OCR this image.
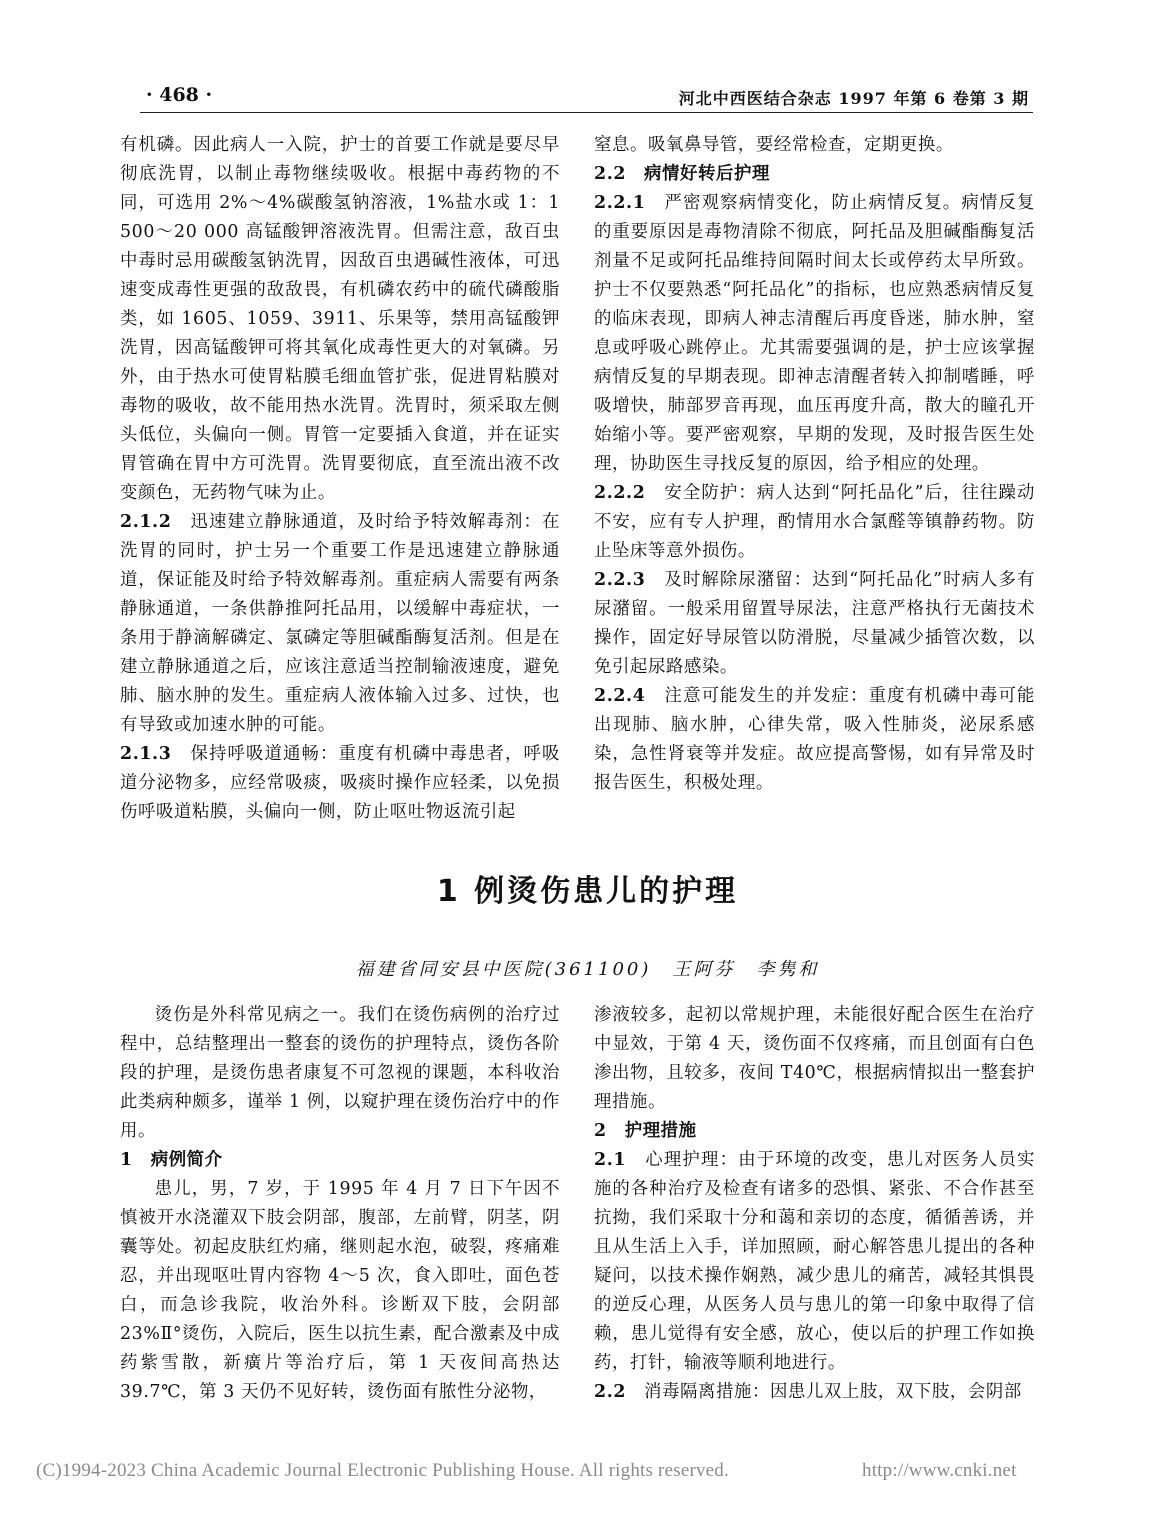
· 468 ·	河北中西医结合杂志 1997 年第 6 卷第 3 期

有机磷。因此病人一入院，护士的首要工作就是要尽早彻底洗胃，以制止毒物继续吸收。根据中毒药物的不同，可选用 2%～4%碳酸氢钠溶液，1%盐水或 1：1 500～20 000 高锰酸钾溶液洗胃。但需注意，敌百虫中毒时忌用碳酸氢钠洗胃，因敌百虫遇碱性液体，可迅速变成毒性更强的敌敌畏，有机磷农药中的硫代磷酸脂类，如 1605、1059、3911、乐果等，禁用高锰酸钾洗胃，因高锰酸钾可将其氧化成毒性更大的对氧磷。另外，由于热水可使胃粘膜毛细血管扩张，促进胃粘膜对毒物的吸收，故不能用热水洗胃。洗胃时，须采取左侧头低位，头偏向一侧。胃管一定要插入食道，并在证实胃管确在胃中方可洗胃。洗胃要彻底，直至流出液不改变颜色，无药物气味为止。

2.1.2　迅速建立静脉通道，及时给予特效解毒剂：在洗胃的同时，护士另一个重要工作是迅速建立静脉通道，保证能及时给予特效解毒剂。重症病人需要有两条静脉通道，一条供静推阿托品用，以缓解中毒症状，一条用于静滴解磷定、氯磷定等胆碱酯酶复活剂。但是在建立静脉通道之后，应该注意适当控制输液速度，避免肺、脑水肿的发生。重症病人液体输入过多、过快，也有导致或加速水肿的可能。

2.1.3　保持呼吸道通畅：重度有机磷中毒患者，呼吸道分泌物多，应经常吸痰，吸痰时操作应轻柔，以免损伤呼吸道粘膜，头偏向一侧，防止呕吐物返流引起

窒息。吸氧鼻导管，要经常检查，定期更换。

2.2　病情好转后护理

2.2.1　严密观察病情变化，防止病情反复。病情反复的重要原因是毒物清除不彻底，阿托品及胆碱酯酶复活剂量不足或阿托品维持间隔时间太长或停药太早所致。护士不仅要熟悉“阿托品化”的指标，也应熟悉病情反复的临床表现，即病人神志清醒后再度昏迷，肺水肿，窒息或呼吸心跳停止。尤其需要强调的是，护士应该掌握病情反复的早期表现。即神志清醒者转入抑制嗜睡，呼吸增快，肺部罗音再现，血压再度升高，散大的瞳孔开始缩小等。要严密观察，早期的发现，及时报告医生处理，协助医生寻找反复的原因，给予相应的处理。

2.2.2　安全防护：病人达到“阿托品化”后，往往躁动不安，应有专人护理，酌情用水合氯醛等镇静药物。防止坠床等意外损伤。

2.2.3　及时解除尿潴留：达到“阿托品化”时病人多有尿潴留。一般采用留置导尿法，注意严格执行无菌技术操作，固定好导尿管以防滑脱，尽量减少插管次数，以免引起尿路感染。

2.2.4　注意可能发生的并发症：重度有机磷中毒可能出现肺、脑水肿，心律失常，吸入性肺炎，泌尿系感染，急性肾衰等并发症。故应提高警惕，如有异常及时报告医生，积极处理。

1 例烫伤患儿的护理
福建省同安县中医院(361100)　王阿芬　李隽和

烫伤是外科常见病之一。我们在烫伤病例的治疗过程中，总结整理出一整套的烫伤的护理特点，烫伤各阶段的护理，是烫伤患者康复不可忽视的课题，本科收治此类病种颇多，谨举 1 例，以窥护理在烫伤治疗中的作用。

1　病例简介

患儿，男，7 岁，于 1995 年 4 月 7 日下午因不慎被开水浇灌双下肢会阴部，腹部，左前臂，阴茎，阴囊等处。初起皮肤红灼痛，继则起水泡，破裂，疼痛难忍，并出现呕吐胃内容物 4～5 次，食入即吐，面色苍白，而急诊我院，收治外科。诊断双下肢，会阴部 23%Ⅱ°烫伤，入院后，医生以抗生素，配合激素及中成药紫雪散，新癀片等治疗后，第 1 天夜间高热达 39.7℃，第 3 天仍不见好转，烫伤面有脓性分泌物，

渗液较多，起初以常规护理，未能很好配合医生在治疗中显效，于第 4 天，烫伤面不仅疼痛，而且创面有白色渗出物，且较多，夜间 T40℃，根据病情拟出一整套护理措施。

2　护理措施

2.1　心理护理：由于环境的改变，患儿对医务人员实施的各种治疗及检查有诸多的恐惧、紧张、不合作甚至抗拗，我们采取十分和蔼和亲切的态度，循循善诱，并且从生活上入手，详加照顾，耐心解答患儿提出的各种疑问，以技术操作娴熟，减少患儿的痛苦，减轻其惧畏的逆反心理，从医务人员与患儿的第一印象中取得了信赖，患儿觉得有安全感，放心，使以后的护理工作如换药，打针，输液等顺利地进行。

2.2　消毒隔离措施：因患儿双上肢，双下肢，会阴部

(C)1994-2023 China Academic Journal Electronic Publishing House. All rights reserved.	http://www.cnki.net
